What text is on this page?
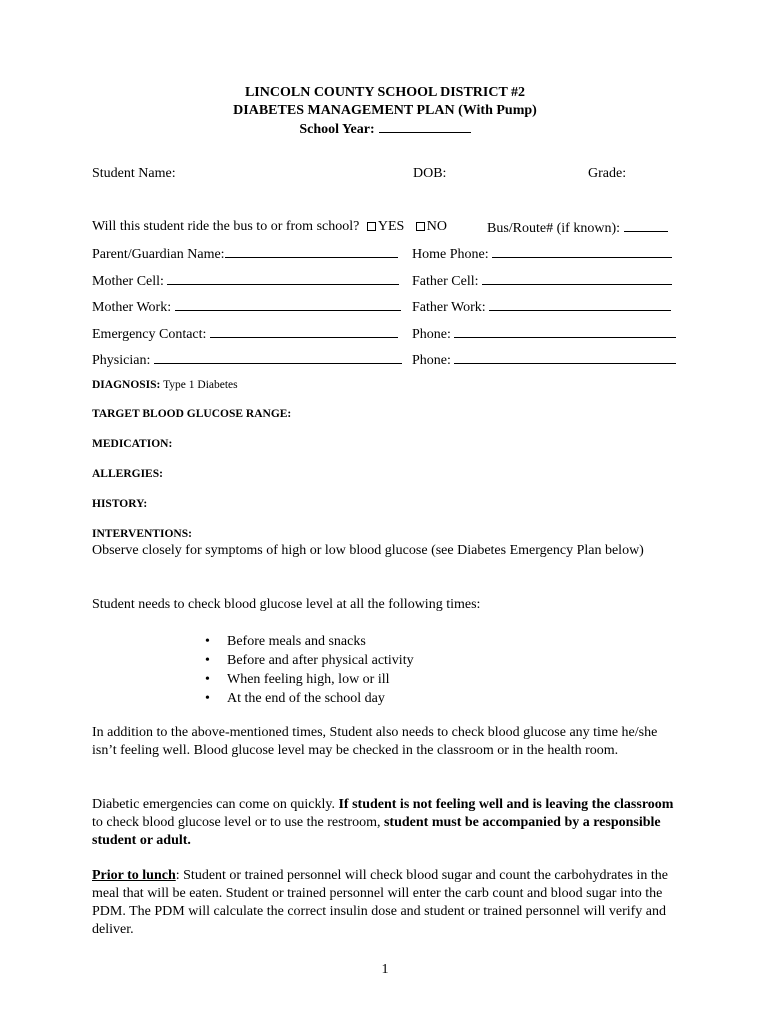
LINCOLN COUNTY SCHOOL DISTRICT #2
DIABETES MANAGEMENT PLAN (With Pump)
School Year:
Student Name:	DOB:	Grade:
Will this student ride the bus to or from school? YES NO	Bus/Route# (if known):
Parent/Guardian Name:	Home Phone:
Mother Cell:	Father Cell:
Mother Work:	Father Work:
Emergency Contact:	Phone:
Physician:	Phone:
DIAGNOSIS: Type 1 Diabetes
TARGET BLOOD GLUCOSE RANGE:
MEDICATION:
ALLERGIES:
HISTORY:
INTERVENTIONS:
Observe closely for symptoms of high or low blood glucose (see Diabetes Emergency Plan below)
Student needs to check blood glucose level at all the following times:
• Before meals and snacks
• Before and after physical activity
• When feeling high, low or ill
• At the end of the school day
In addition to the above-mentioned times, Student also needs to check blood glucose any time he/she isn’t feeling well. Blood glucose level may be checked in the classroom or in the health room.
Diabetic emergencies can come on quickly. If student is not feeling well and is leaving the classroom to check blood glucose level or to use the restroom, student must be accompanied by a responsible student or adult.
Prior to lunch: Student or trained personnel will check blood sugar and count the carbohydrates in the meal that will be eaten. Student or trained personnel will enter the carb count and blood sugar into the PDM. The PDM will calculate the correct insulin dose and student or trained personnel will verify and deliver.
1
